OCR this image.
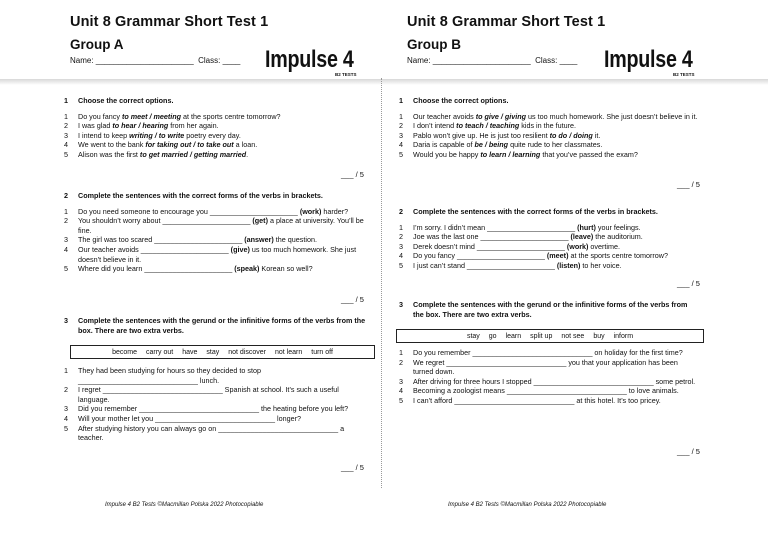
Unit 8 Grammar Short Test 1
Group A
Name: ______________________ Class: ____ Impulse 4
B2 TESTS
1	Choose the correct options.
1	Do you fancy to meet / meeting at the sports centre tomorrow?
2	I was glad to hear / hearing from her again.
3	I intend to keep writing / to write poetry every day.
4	We went to the bank for taking out / to take out a loan.
5	Alison was the first to get married / getting married.
___ / 5
2	Complete the sentences with the correct forms of the verbs in brackets.
1	Do you need someone to encourage you ______________________ (work) harder?
2	You shouldn’t worry about ______________________ (get) a place at university. You’ll be fine.
3	The girl was too scared ______________________ (answer) the question.
4	Our teacher avoids ______________________ (give) us too much homework. She just doesn’t believe in it.
5	Where did you learn ______________________ (speak) Korean so well?
___ / 5
3	Complete the sentences with the gerund or the infinitive forms of the verbs from the box. There are two extra verbs.
become carry out have stay not discover not learn turn off
1	They had been studying for hours so they decided to stop ______________________________ lunch.
2	I regret ______________________________ Spanish at school. It’s such a useful language.
3	Did you remember ______________________________ the heating before you left?
4	Will your mother let you ______________________________ longer?
5	After studying history you can always go on ______________________________ a teacher.
___ / 5
Impulse 4 B2 Tests ©Macmillan Polska 2022 Photocopiable
Unit 8 Grammar Short Test 1
Group B
Name: ______________________ Class: ____ Impulse 4
B2 TESTS
1	Choose the correct options.
1	Our teacher avoids to give / giving us too much homework. She just doesn’t believe in it.
2	I don’t intend to teach / teaching kids in the future.
3	Pablo won’t give up. He is just too resilient to do / doing it.
4	Daria is capable of be / being quite rude to her classmates.
5	Would you be happy to learn / learning that you’ve passed the exam?
___ / 5
2	Complete the sentences with the correct forms of the verbs in brackets.
1	I’m sorry. I didn’t mean ______________________ (hurt) your feelings.
2	Joe was the last one ______________________ (leave) the auditorium.
3	Derek doesn’t mind ______________________ (work) overtime.
4	Do you fancy ______________________ (meet) at the sports centre tomorrow?
5	I just can’t stand ______________________ (listen) to her voice.
___ / 5
3	Complete the sentences with the gerund or the infinitive forms of the verbs from the box. There are two extra verbs.
stay go learn split up not see buy inform
1	Do you remember ______________________________ on holiday for the first time?
2	We regret ______________________________ you that your application has been turned down.
3	After driving for three hours I stopped ______________________________ some petrol.
4	Becoming a zoologist means ______________________________ to love animals.
5	I can’t afford ______________________________ at this hotel. It’s too pricey.
___ / 5
Impulse 4 B2 Tests ©Macmillan Polska 2022 Photocopiable
